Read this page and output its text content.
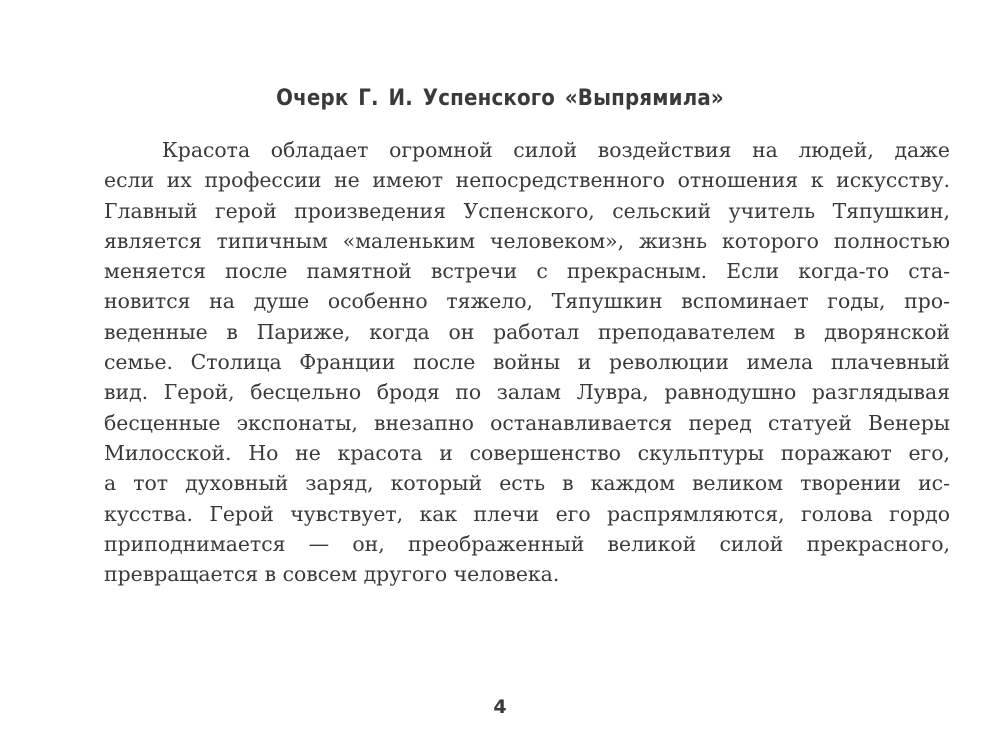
Очерк Г. И. Успенского «Выпрямила»
Красота обладает огромной силой воздействия на людей, даже
если их профессии не имеют непосредственного отношения к искусству.
Главный герой произведения Успенского, сельский учитель Тяпушкин,
является типичным «маленьким человеком», жизнь которого полностью
меняется после памятной встречи с прекрасным. Если когда-то ста-
новится на душе особенно тяжело, Тяпушкин вспоминает годы, про-
веденные в Париже, когда он работал преподавателем в дворянской
семье. Столица Франции после войны и революции имела плачевный
вид. Герой, бесцельно бродя по залам Лувра, равнодушно разглядывая
бесценные экспонаты, внезапно останавливается перед статуей Венеры
Милосской. Но не красота и совершенство скульптуры поражают его,
а тот духовный заряд, который есть в каждом великом творении ис-
кусства. Герой чувствует, как плечи его распрямляются, голова гордо
приподнимается — он, преображенный великой силой прекрасного,
превращается в совсем другого человека.
4
